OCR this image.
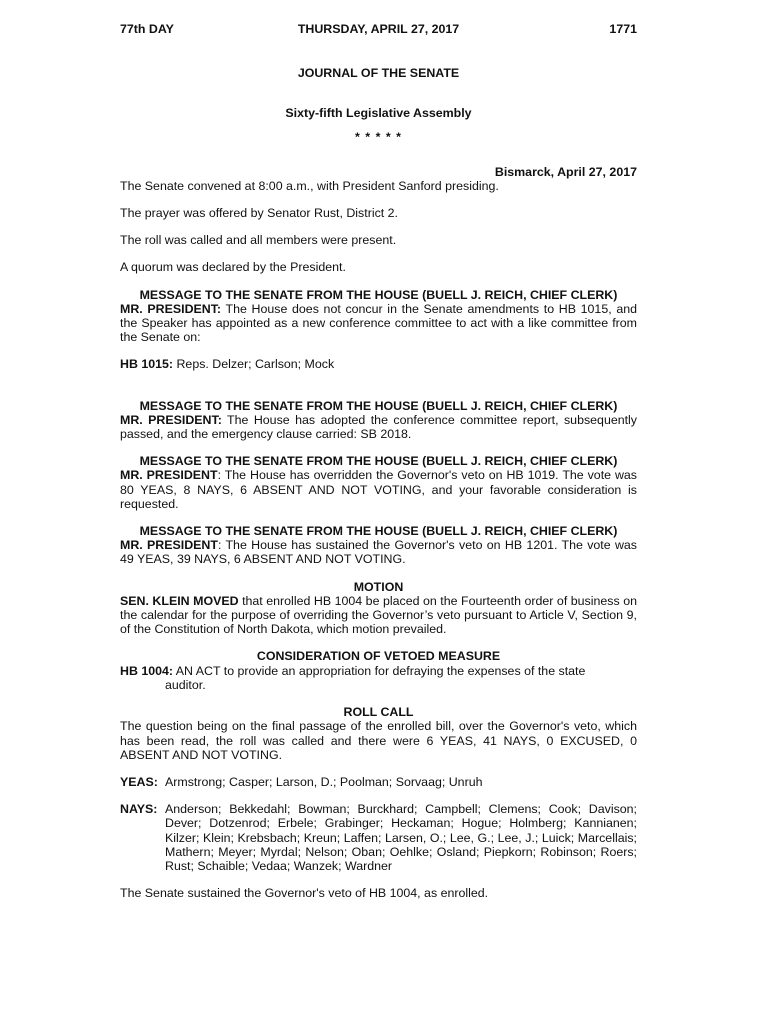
77th DAY	THURSDAY, APRIL 27, 2017	1771

JOURNAL OF THE SENATE

Sixty-fifth Legislative Assembly

* * * * *

Bismarck, April 27, 2017

The Senate convened at 8:00 a.m., with President Sanford presiding.

The prayer was offered by Senator Rust, District 2.

The roll was called and all members were present.

A quorum was declared by the President.

MESSAGE TO THE SENATE FROM THE HOUSE (BUELL J. REICH, CHIEF CLERK)

MR. PRESIDENT: The House does not concur in the Senate amendments to HB 1015, and the Speaker has appointed as a new conference committee to act with a like committee from the Senate on:

HB 1015: Reps. Delzer; Carlson; Mock

MESSAGE TO THE SENATE FROM THE HOUSE (BUELL J. REICH, CHIEF CLERK)

MR. PRESIDENT: The House has adopted the conference committee report, subsequently passed, and the emergency clause carried: SB 2018.

MESSAGE TO THE SENATE FROM THE HOUSE (BUELL J. REICH, CHIEF CLERK)

MR. PRESIDENT: The House has overridden the Governor's veto on HB 1019. The vote was 80 YEAS, 8 NAYS, 6 ABSENT AND NOT VOTING, and your favorable consideration is requested.

MESSAGE TO THE SENATE FROM THE HOUSE (BUELL J. REICH, CHIEF CLERK)

MR. PRESIDENT: The House has sustained the Governor's veto on HB 1201. The vote was 49 YEAS, 39 NAYS, 6 ABSENT AND NOT VOTING.

MOTION

SEN. KLEIN MOVED that enrolled HB 1004 be placed on the Fourteenth order of business on the calendar for the purpose of overriding the Governor’s veto pursuant to Article V, Section 9, of the Constitution of North Dakota, which motion prevailed.

CONSIDERATION OF VETOED MEASURE

HB 1004: AN ACT to provide an appropriation for defraying the expenses of the state
auditor.

ROLL CALL

The question being on the final passage of the enrolled bill, over the Governor's veto, which has been read, the roll was called and there were 6 YEAS, 41 NAYS, 0 EXCUSED, 0 ABSENT AND NOT VOTING.

YEAS: Armstrong; Casper; Larson, D.; Poolman; Sorvaag; Unruh
NAYS: Anderson; Bekkedahl; Bowman; Burckhard; Campbell; Clemens; Cook; Davison; Dever; Dotzenrod; Erbele; Grabinger; Heckaman; Hogue; Holmberg; Kannianen; Kilzer; Klein; Krebsbach; Kreun; Laffen; Larsen, O.; Lee, G.; Lee, J.; Luick; Marcellais; Mathern; Meyer; Myrdal; Nelson; Oban; Oehlke; Osland; Piepkorn; Robinson; Roers; Rust; Schaible; Vedaa; Wanzek; Wardner

The Senate sustained the Governor's veto of HB 1004, as enrolled.
